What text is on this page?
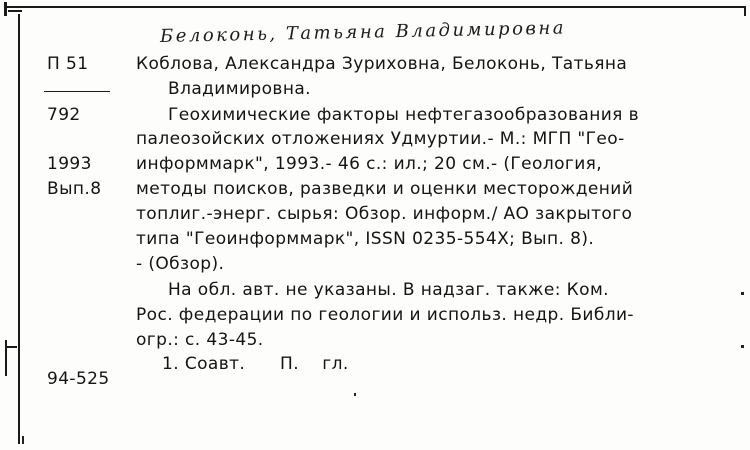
Белоконь, Татьяна Владимировна
П 51
792
1993
Вып.8
94-525
Коблова, Александра Зуриховна, Белоконь, Татьяна
Владимировна.
Геохимические факторы нефтегазообразования в
палеозойских отложениях Удмуртии.- М.: МГП "Гео-
информмарк", 1993.- 46 с.: ил.; 20 см.- (Геология,
методы поисков, разведки и оценки месторождений
топлиг.-энерг. сырья: Обзор. информ./ АО закрытого
типа "Геоинформмарк", ISSN 0235-554X; Вып. 8).
- (Обзор).
На обл. авт. не указаны. В надзаг. также: Ком.
Рос. федерации по геологии и использ. недр. Библи-
огр.: с. 43-45.
1. Соавт.      П.    гл.
